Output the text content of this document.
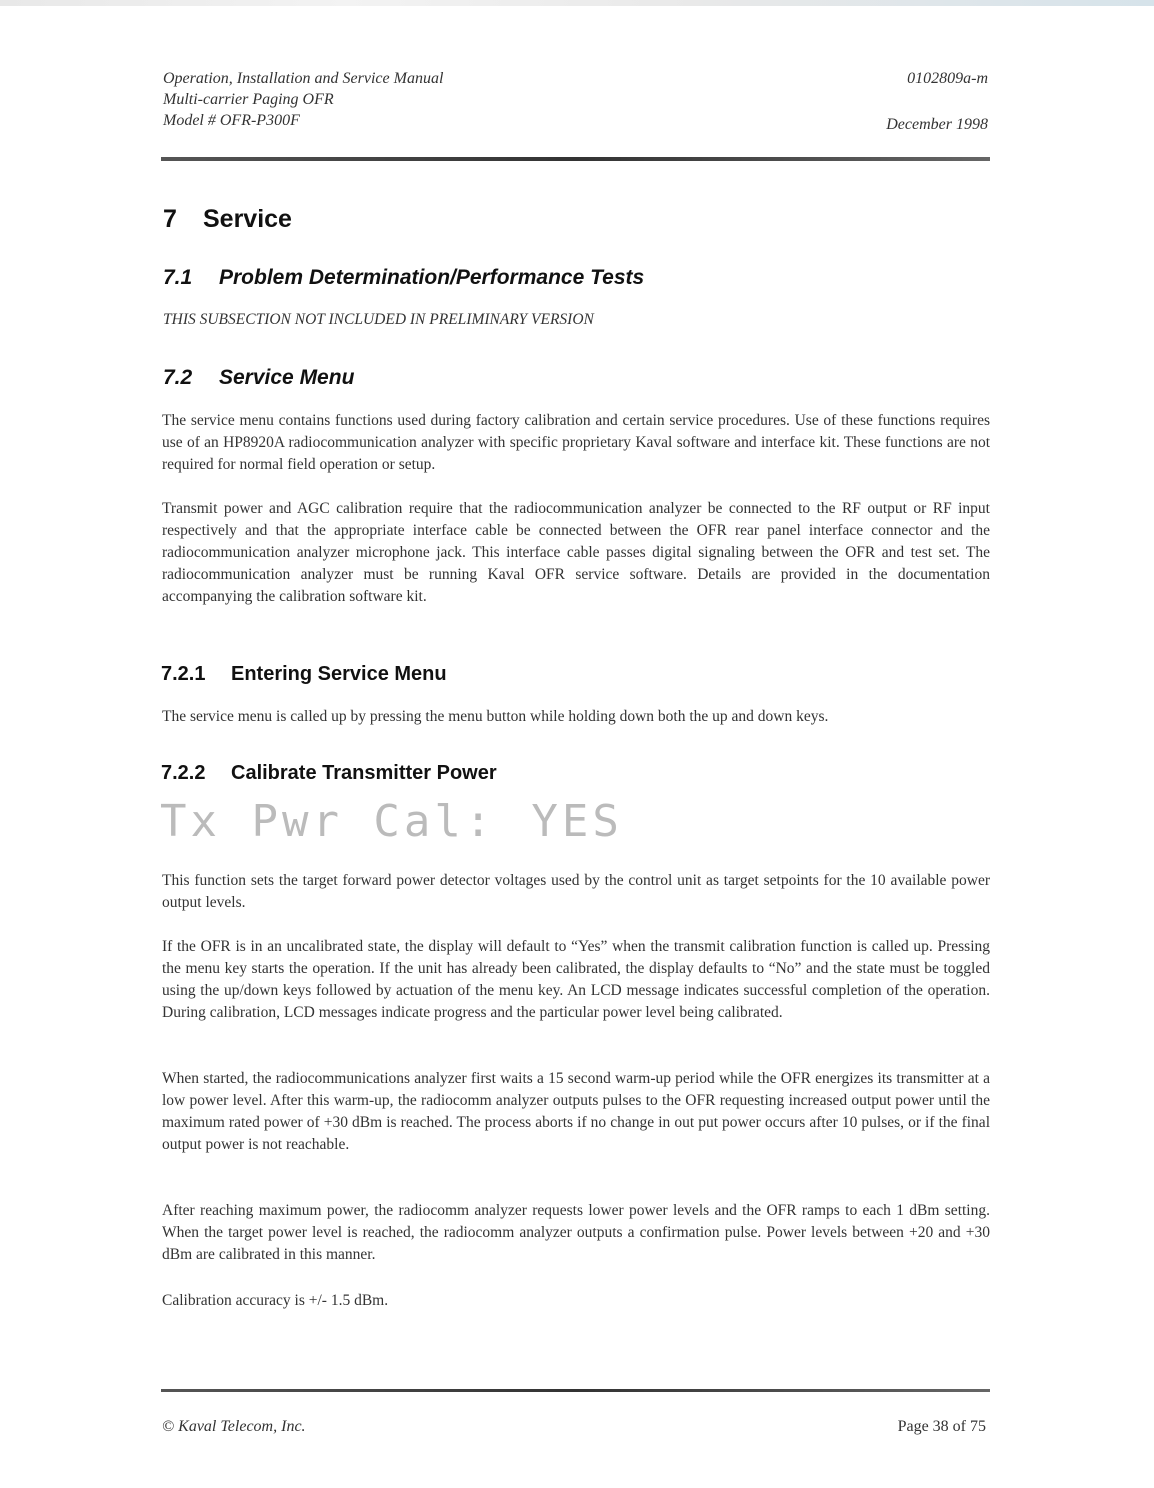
Operation, Installation and Service Manual
Multi-carrier Paging OFR
Model # OFR-P300F
0102809a-m
December 1998
7 Service
7.1 Problem Determination/Performance Tests
THIS SUBSECTION NOT INCLUDED IN PRELIMINARY VERSION
7.2 Service Menu
The service menu contains functions used during factory calibration and certain service procedures. Use of these functions requires use of an HP8920A radiocommunication analyzer with specific proprietary Kaval software and interface kit. These functions are not required for normal field operation or setup.
Transmit power and AGC calibration require that the radiocommunication analyzer be connected to the RF output or RF input respectively and that the appropriate interface cable be connected between the OFR rear panel interface connector and the radiocommunication analyzer microphone jack. This interface cable passes digital signaling between the OFR and test set. The radiocommunication analyzer must be running Kaval OFR service software. Details are provided in the documentation accompanying the calibration software kit.
7.2.1 Entering Service Menu
The service menu is called up by pressing the menu button while holding down both the up and down keys.
7.2.2 Calibrate Transmitter Power
Tx Pwr Cal: YES
This function sets the target forward power detector voltages used by the control unit as target setpoints for the 10 available power output levels.
If the OFR is in an uncalibrated state, the display will default to “Yes” when the transmit calibration function is called up. Pressing the menu key starts the operation. If the unit has already been calibrated, the display defaults to “No” and the state must be toggled using the up/down keys followed by actuation of the menu key. An LCD message indicates successful completion of the operation. During calibration, LCD messages indicate progress and the particular power level being calibrated.
When started, the radiocommunications analyzer first waits a 15 second warm-up period while the OFR energizes its transmitter at a low power level. After this warm-up, the radiocomm analyzer outputs pulses to the OFR requesting increased output power until the maximum rated power of +30 dBm is reached. The process aborts if no change in out put power occurs after 10 pulses, or if the final output power is not reachable.
After reaching maximum power, the radiocomm analyzer requests lower power levels and the OFR ramps to each 1 dBm setting. When the target power level is reached, the radiocomm analyzer outputs a confirmation pulse. Power levels between +20 and +30 dBm are calibrated in this manner.
Calibration accuracy is +/- 1.5 dBm.
© Kaval Telecom, Inc.	Page 38 of 75
